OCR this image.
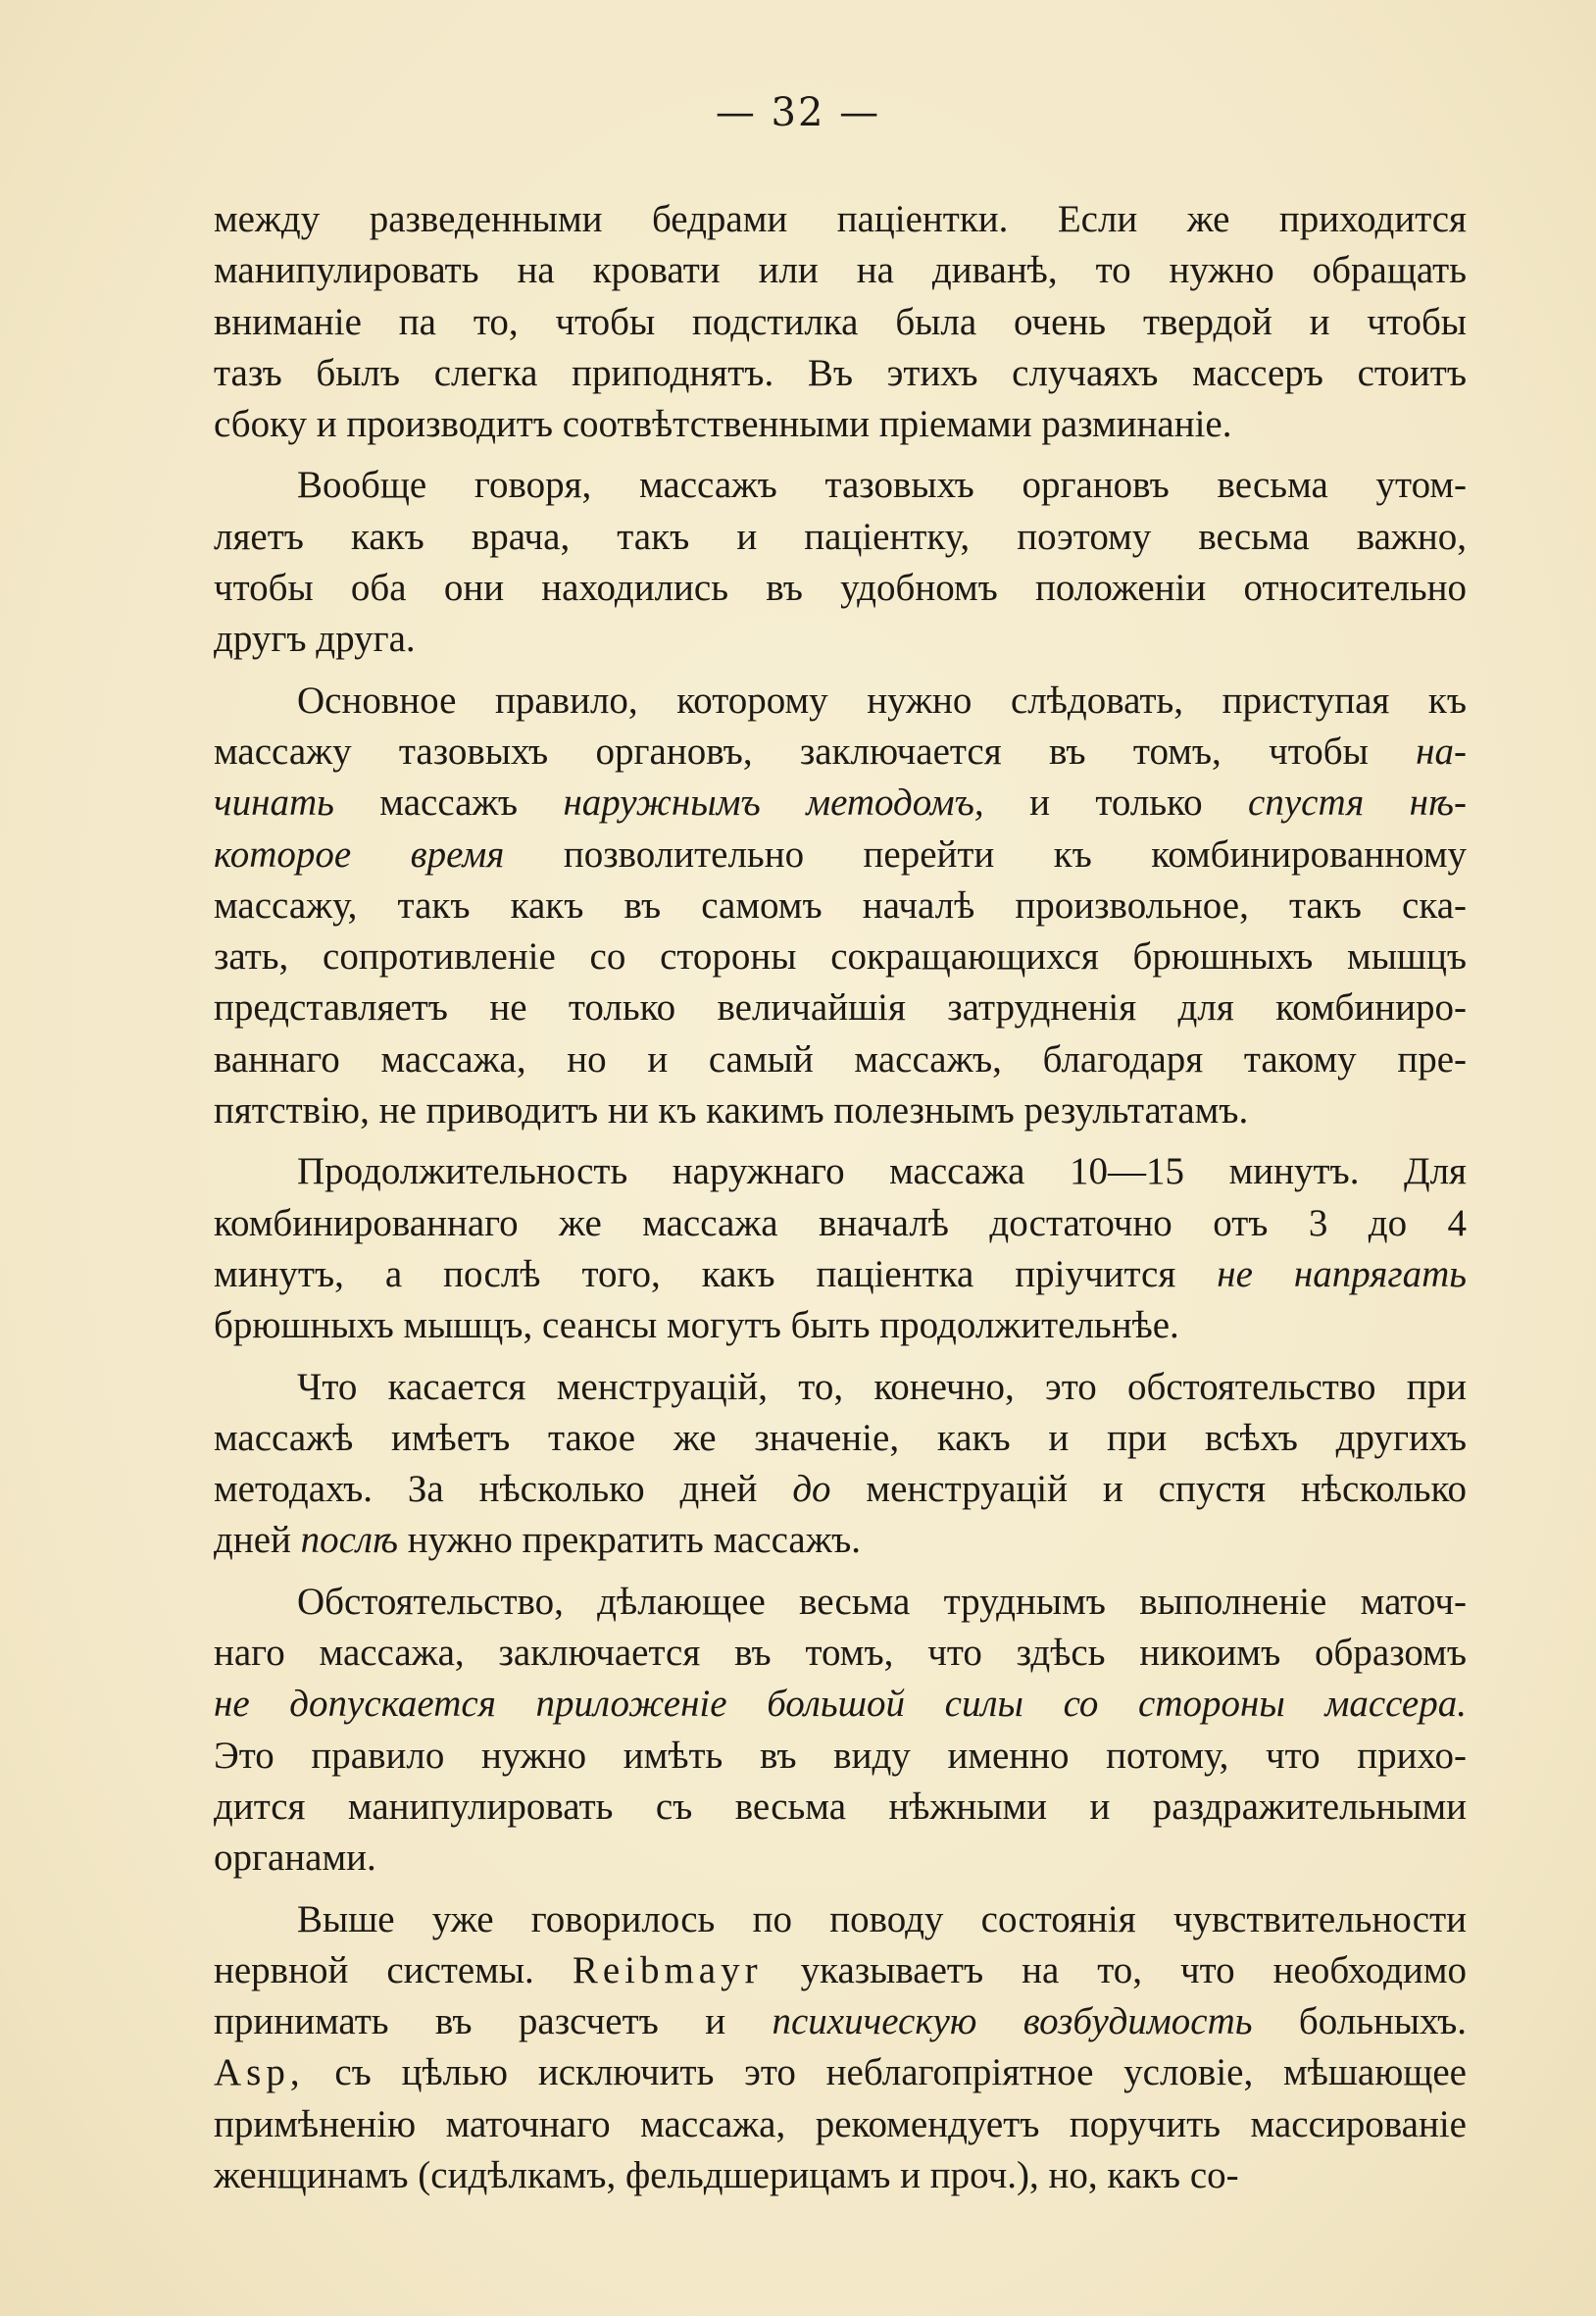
— 32 —
между разведенными бедрами паціентки. Если же приходится
манипулировать на кровати или на диванѣ, то нужно обращать
вниманіе па то, чтобы подстилка была очень твердой и чтобы
тазъ былъ слегка приподнятъ. Въ этихъ случаяхъ массеръ стоитъ
сбоку и производитъ соотвѣтственными пріемами разминаніе.
Вообще говоря, массажъ тазовыхъ органовъ весьма утом-
ляетъ какъ врача, такъ и паціентку, поэтому весьма важно,
чтобы оба они находились въ удобномъ положеніи относительно
другъ друга.
Основное правило, которому нужно слѣдовать, приступая къ
массажу тазовыхъ органовъ, заключается въ томъ, чтобы на-
чинать массажъ наружнымъ методомъ, и только спустя нѣ-
которое время позволительно перейти къ комбинированному
массажу, такъ какъ въ самомъ началѣ произвольное, такъ ска-
зать, сопротивленіе со стороны сокращающихся брюшныхъ мышцъ
представляетъ не только величайшія затрудненія для комбиниро-
ваннаго массажа, но и самый массажъ, благодаря такому пре-
пятствію, не приводитъ ни къ какимъ полезнымъ результатамъ.
Продолжительность наружнаго массажа 10—15 минутъ. Для
комбинированнаго же массажа вначалѣ достаточно отъ 3 до 4
минутъ, а послѣ того, какъ паціентка пріучится не напрягать
брюшныхъ мышцъ, сеансы могутъ быть продолжительнѣе.
Что касается менструацій, то, конечно, это обстоятельство при
массажѣ имѣетъ такое же значеніе, какъ и при всѣхъ другихъ
методахъ. За нѣсколько дней до менструацій и спустя нѣсколько
дней послѣ нужно прекратить массажъ.
Обстоятельство, дѣлающее весьма труднымъ выполненіе маточ-
наго массажа, заключается въ томъ, что здѣсь никоимъ образомъ
не допускается приложеніе большой силы со стороны массера.
Это правило нужно имѣть въ виду именно потому, что прихо-
дится манипулировать съ весьма нѣжными и раздражительными
органами.
Выше уже говорилось по поводу состоянія чувствительности
нервной системы. Reibmayr указываетъ на то, что необходимо
принимать въ разсчетъ и психическую возбудимость больныхъ.
Asp, съ цѣлью исключить это неблагопріятное условіе, мѣшающее
примѣненію маточнаго массажа, рекомендуетъ поручить массированіе
женщинамъ (сидѣлкамъ, фельдшерицамъ и проч.), но, какъ со-
